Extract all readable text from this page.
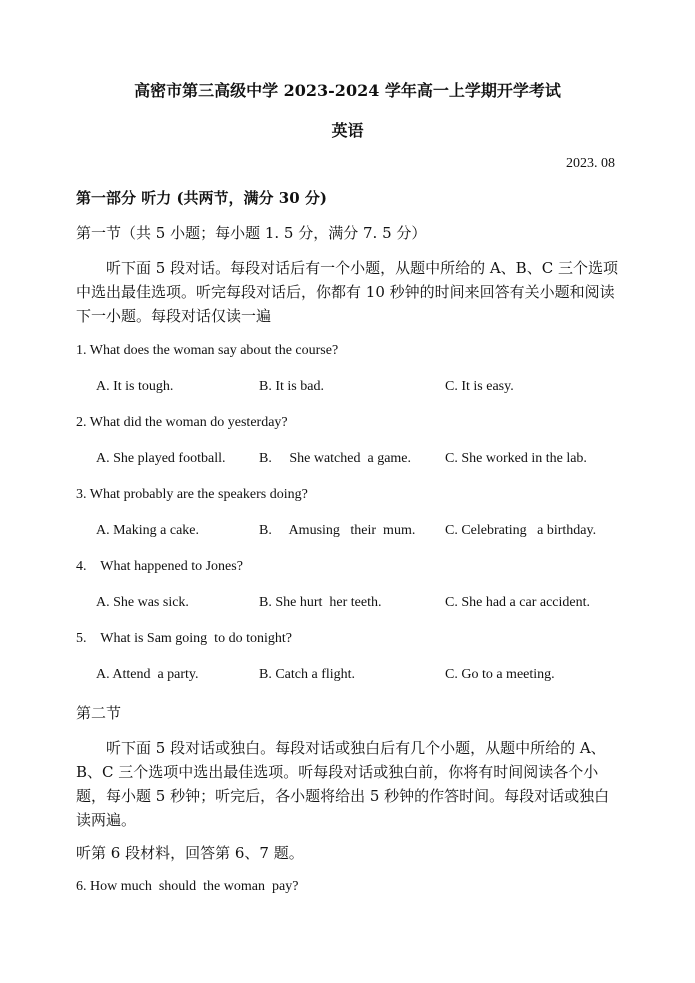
高密市第三高级中学 2023-2024 学年高一上学期开学考试
英语
2023. 08
第一部分 听力 (共两节，满分 30 分)
第一节（共 5 小题；每小题 1. 5 分，满分 7. 5 分）
听下面 5 段对话。每段对话后有一个小题，从题中所给的 A、B、C 三个选项中选出最佳选项。听完每段对话后，你都有 10 秒钟的时间来回答有关小题和阅读下一小题。每段对话仅读一遍
1. What does the woman say about the course?
A. It is tough.	B. It is bad.	C. It is easy.
2. What did the woman do yesterday?
A. She played football. B.     She watched  a game. C. She worked in the lab.
3. What probably are the speakers doing?
A. Making a cake.	B.     Amusing   their  mum. C. Celebrating   a birthday.
4.    What happened to Jones?
A. She was sick.	B. She hurt  her teeth.	C. She had a car accident.
5.    What is Sam going  to do tonight?
A. Attend  a party.	B. Catch a flight.	C. Go to a meeting.
第二节
听下面 5 段对话或独白。每段对话或独白后有几个小题，从题中所给的 A、B、C 三个选项中选出最佳选项。听每段对话或独白前，你将有时间阅读各个小题，每小题 5 秒钟；听完后，各小题将给出 5 秒钟的作答时间。每段对话或独白读两遍。
听第 6 段材料，回答第 6、7 题。
6. How much  should  the woman  pay?
